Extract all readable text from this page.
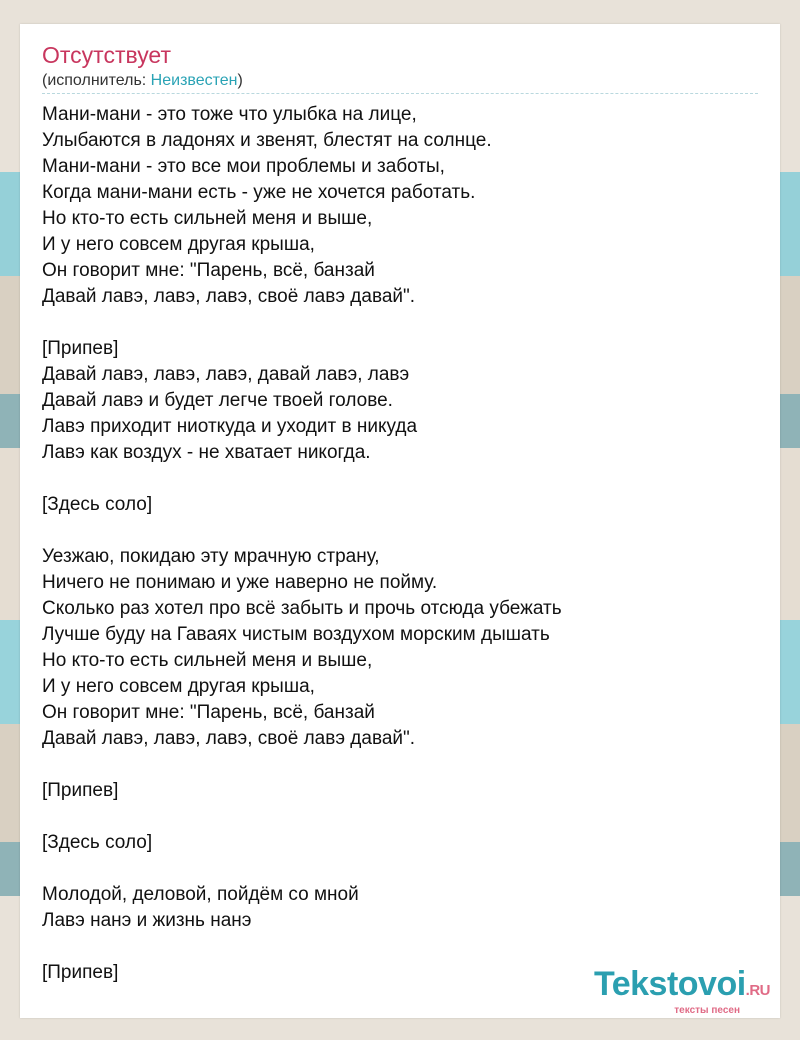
Отсутствует
(исполнитель: Неизвестен)
Мани-мани - это тоже что улыбка на лице,
Улыбаются в ладонях и звенят, блестят на солнце.
Мани-мани - это все мои проблемы и заботы,
Когда мани-мани есть - уже не хочется работать.
Но кто-то есть сильней меня и выше,
И у него совсем другая крыша,
Он говорит мне: "Парень, всё, банзай
Давай лавэ, лавэ, лавэ, своё лавэ давай".
[Припев]
Давай лавэ, лавэ, лавэ, давай лавэ, лавэ
Давай лавэ и будет легче твоей голове.
Лавэ приходит ниоткуда и уходит в никуда
Лавэ как воздух - не хватает никогда.
[Здесь соло]
Уезжаю, покидаю эту мрачную страну,
Ничего не понимаю и уже наверно не пойму.
Сколько раз хотел про всё забыть и прочь отсюда убежать
Лучше буду на Гаваях чистым воздухом морским дышать
Но кто-то есть сильней меня и выше,
И у него совсем другая крыша,
Он говорит мне: "Парень, всё, банзай
Давай лавэ, лавэ, лавэ, своё лавэ давай".
[Припев]
[Здесь соло]
Молодой, деловой, пойдём со мной
Лавэ нанэ и жизнь нанэ
[Припев]	Tekstovoi.RU
тексты песен
